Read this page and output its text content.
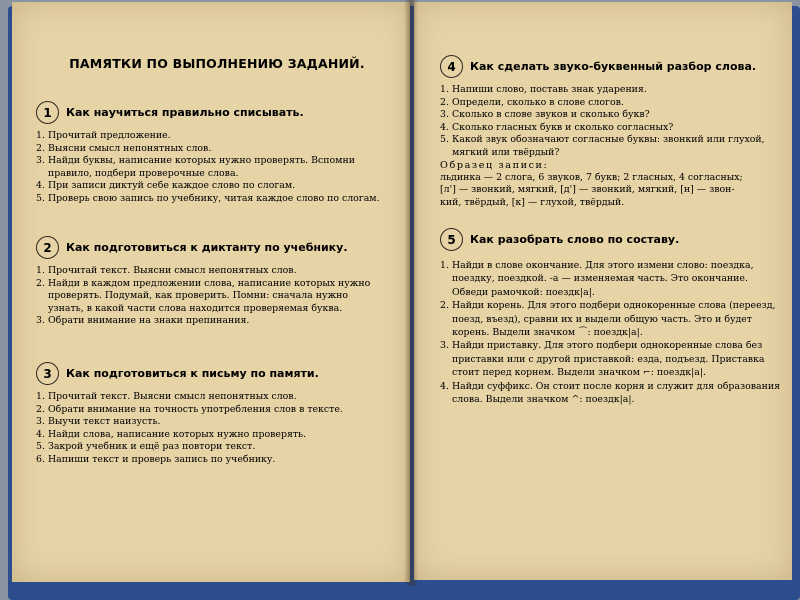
ПАМЯТКИ ПО ВЫПОЛНЕНИЮ ЗАДАНИЙ.
1	Как научиться правильно списывать.
1. Прочитай предложение.
2. Выясни смысл непонятных слов.
3. Найди буквы, написание которых нужно проверять. Вспомни правило, подбери проверочные слова.
4. При записи диктуй себе каждое слово по слогам.
5. Проверь свою запись по учебнику, читая каждое слово по слогам.
2	Как подготовиться к диктанту по учебнику.
1. Прочитай текст. Выясни смысл непонятных слов.
2. Найди в каждом предложении слова, написание которых нужно проверять. Подумай, как проверить. Помни: сначала нужно узнать, в какой части слова находится проверяемая буква.
3. Обрати внимание на знаки препинания.
3	Как подготовиться к письму по памяти.
1. Прочитай текст. Выясни смысл непонятных слов.
2. Обрати внимание на точность употребления слов в тексте.
3. Выучи текст наизусть.
4. Найди слова, написание которых нужно проверять.
5. Закрой учебник и ещё раз повтори текст.
6. Напиши текст и проверь запись по учебнику.
4	Как сделать звуко-буквенный разбор слова.
1. Напиши слово, поставь знак ударения.
2. Определи, сколько в слове слогов.
3. Сколько в слове звуков и сколько букв?
4. Сколько гласных букв и сколько согласных?
5. Какой звук обозначают согласные буквы: звонкий или глухой, мягкий или твёрдый?
Образец записи:
льдинка — 2 слога, 6 звуков, 7 букв; 2 гласных, 4 согласных;
[л'] — звонкий, мягкий, [д'] — звонкий, мягкий, [н] — звон-
кий, твёрдый, [к] — глухой, твёрдый.
5	Как разобрать слово по составу.
1. Найди в слове окончание. Для этого измени слово: поездка, поездку, поездкой. -а — изменяемая часть. Это окончание. Обведи рамочкой: поездк|а|.
2. Найди корень. Для этого подбери однокоренные слова (переезд, поезд, въезд), сравни их и выдели общую часть. Это и будет корень. Выдели значком ⌒: поездк|а|.
3. Найди приставку. Для этого подбери однокоренные слова без приставки или с другой приставкой: езда, подъезд. Приставка стоит перед корнем. Выдели значком ⌐: поездк|а|.
4. Найди суффикс. Он стоит после корня и служит для образования слова. Выдели значком ^: поездк|а|.
